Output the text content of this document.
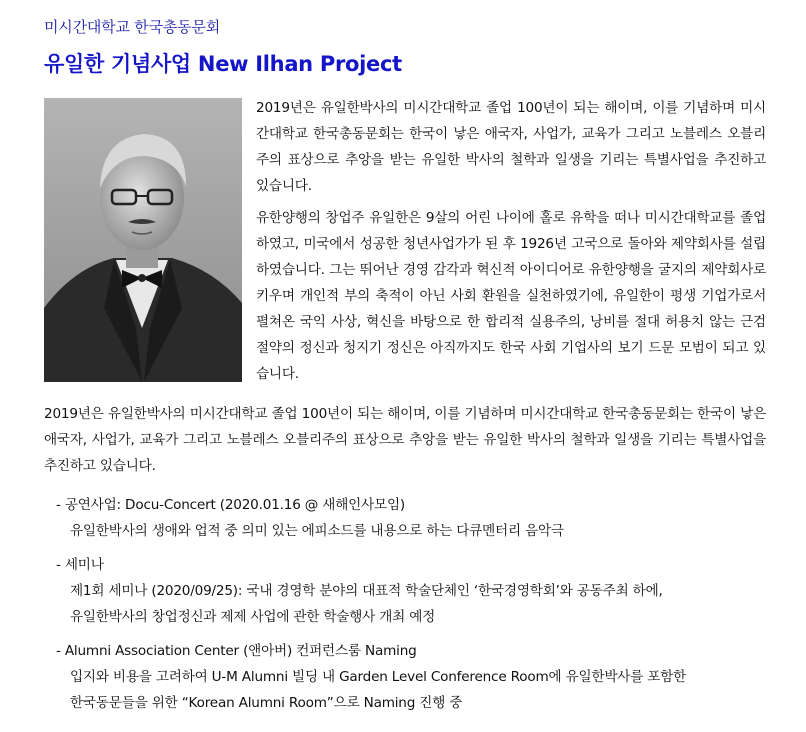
미시간대학교 한국총동문회
유일한 기념사업 New Ilhan Project

2019년은 유일한박사의 미시간대학교 졸업 100년이 되는 해이며, 이를 기념하며 미시간대학교 한국총동문회는 한국이 낳은 애국자, 사업가, 교육가 그리고 노블레스 오블리주의 표상으로 추앙을 받는 유일한 박사의 철학과 일생을 기리는 특별사업을 추진하고 있습니다.

유한양행의 창업주 유일한은 9살의 어린 나이에 홀로 유학을 떠나 미시간대학교를 졸업하였고, 미국에서 성공한 청년사업가가 된 후 1926년 고국으로 돌아와 제약회사를 설립하였습니다. 그는 뛰어난 경영 감각과 혁신적 아이디어로 유한양행을 굴지의 제약회사로 키우며 개인적 부의 축적이 아닌 사회 환원을 실천하였기에, 유일한이 평생 기업가로서 펼쳐온 국익 사상, 혁신을 바탕으로 한 합리적 실용주의, 낭비를 절대 허용치 않는 근검절약의 정신과 청지기 정신은 아직까지도 한국 사회 기업사의 보기 드문 모범이 되고 있습니다.

2019년은 유일한박사의 미시간대학교 졸업 100년이 되는 해이며, 이를 기념하며 미시간대학교 한국총동문회는 한국이 낳은 애국자, 사업가, 교육가 그리고 노블레스 오블리주의 표상으로 추앙을 받는 유일한 박사의 철학과 일생을 기리는 특별사업을 추진하고 있습니다.

- 공연사업: Docu-Concert (2020.01.16 @ 새해인사모임)
유일한박사의 생애와 업적 중 의미 있는 에피소드를 내용으로 하는 다큐멘터리 음악극
- 세미나
제1회 세미나 (2020/09/25): 국내 경영학 분야의 대표적 학술단체인 ‘한국경영학회’와 공동주최 하에,
유일한박사의 창업정신과 제제 사업에 관한 학술행사 개최 예정
- Alumni Association Center (앤아버) 컨퍼런스룸 Naming
입지와 비용을 고려하여 U-M Alumni 빌딩 내 Garden Level Conference Room에 유일한박사를 포함한
한국동문들을 위한 “Korean Alumni Room”으로 Naming 진행 중
